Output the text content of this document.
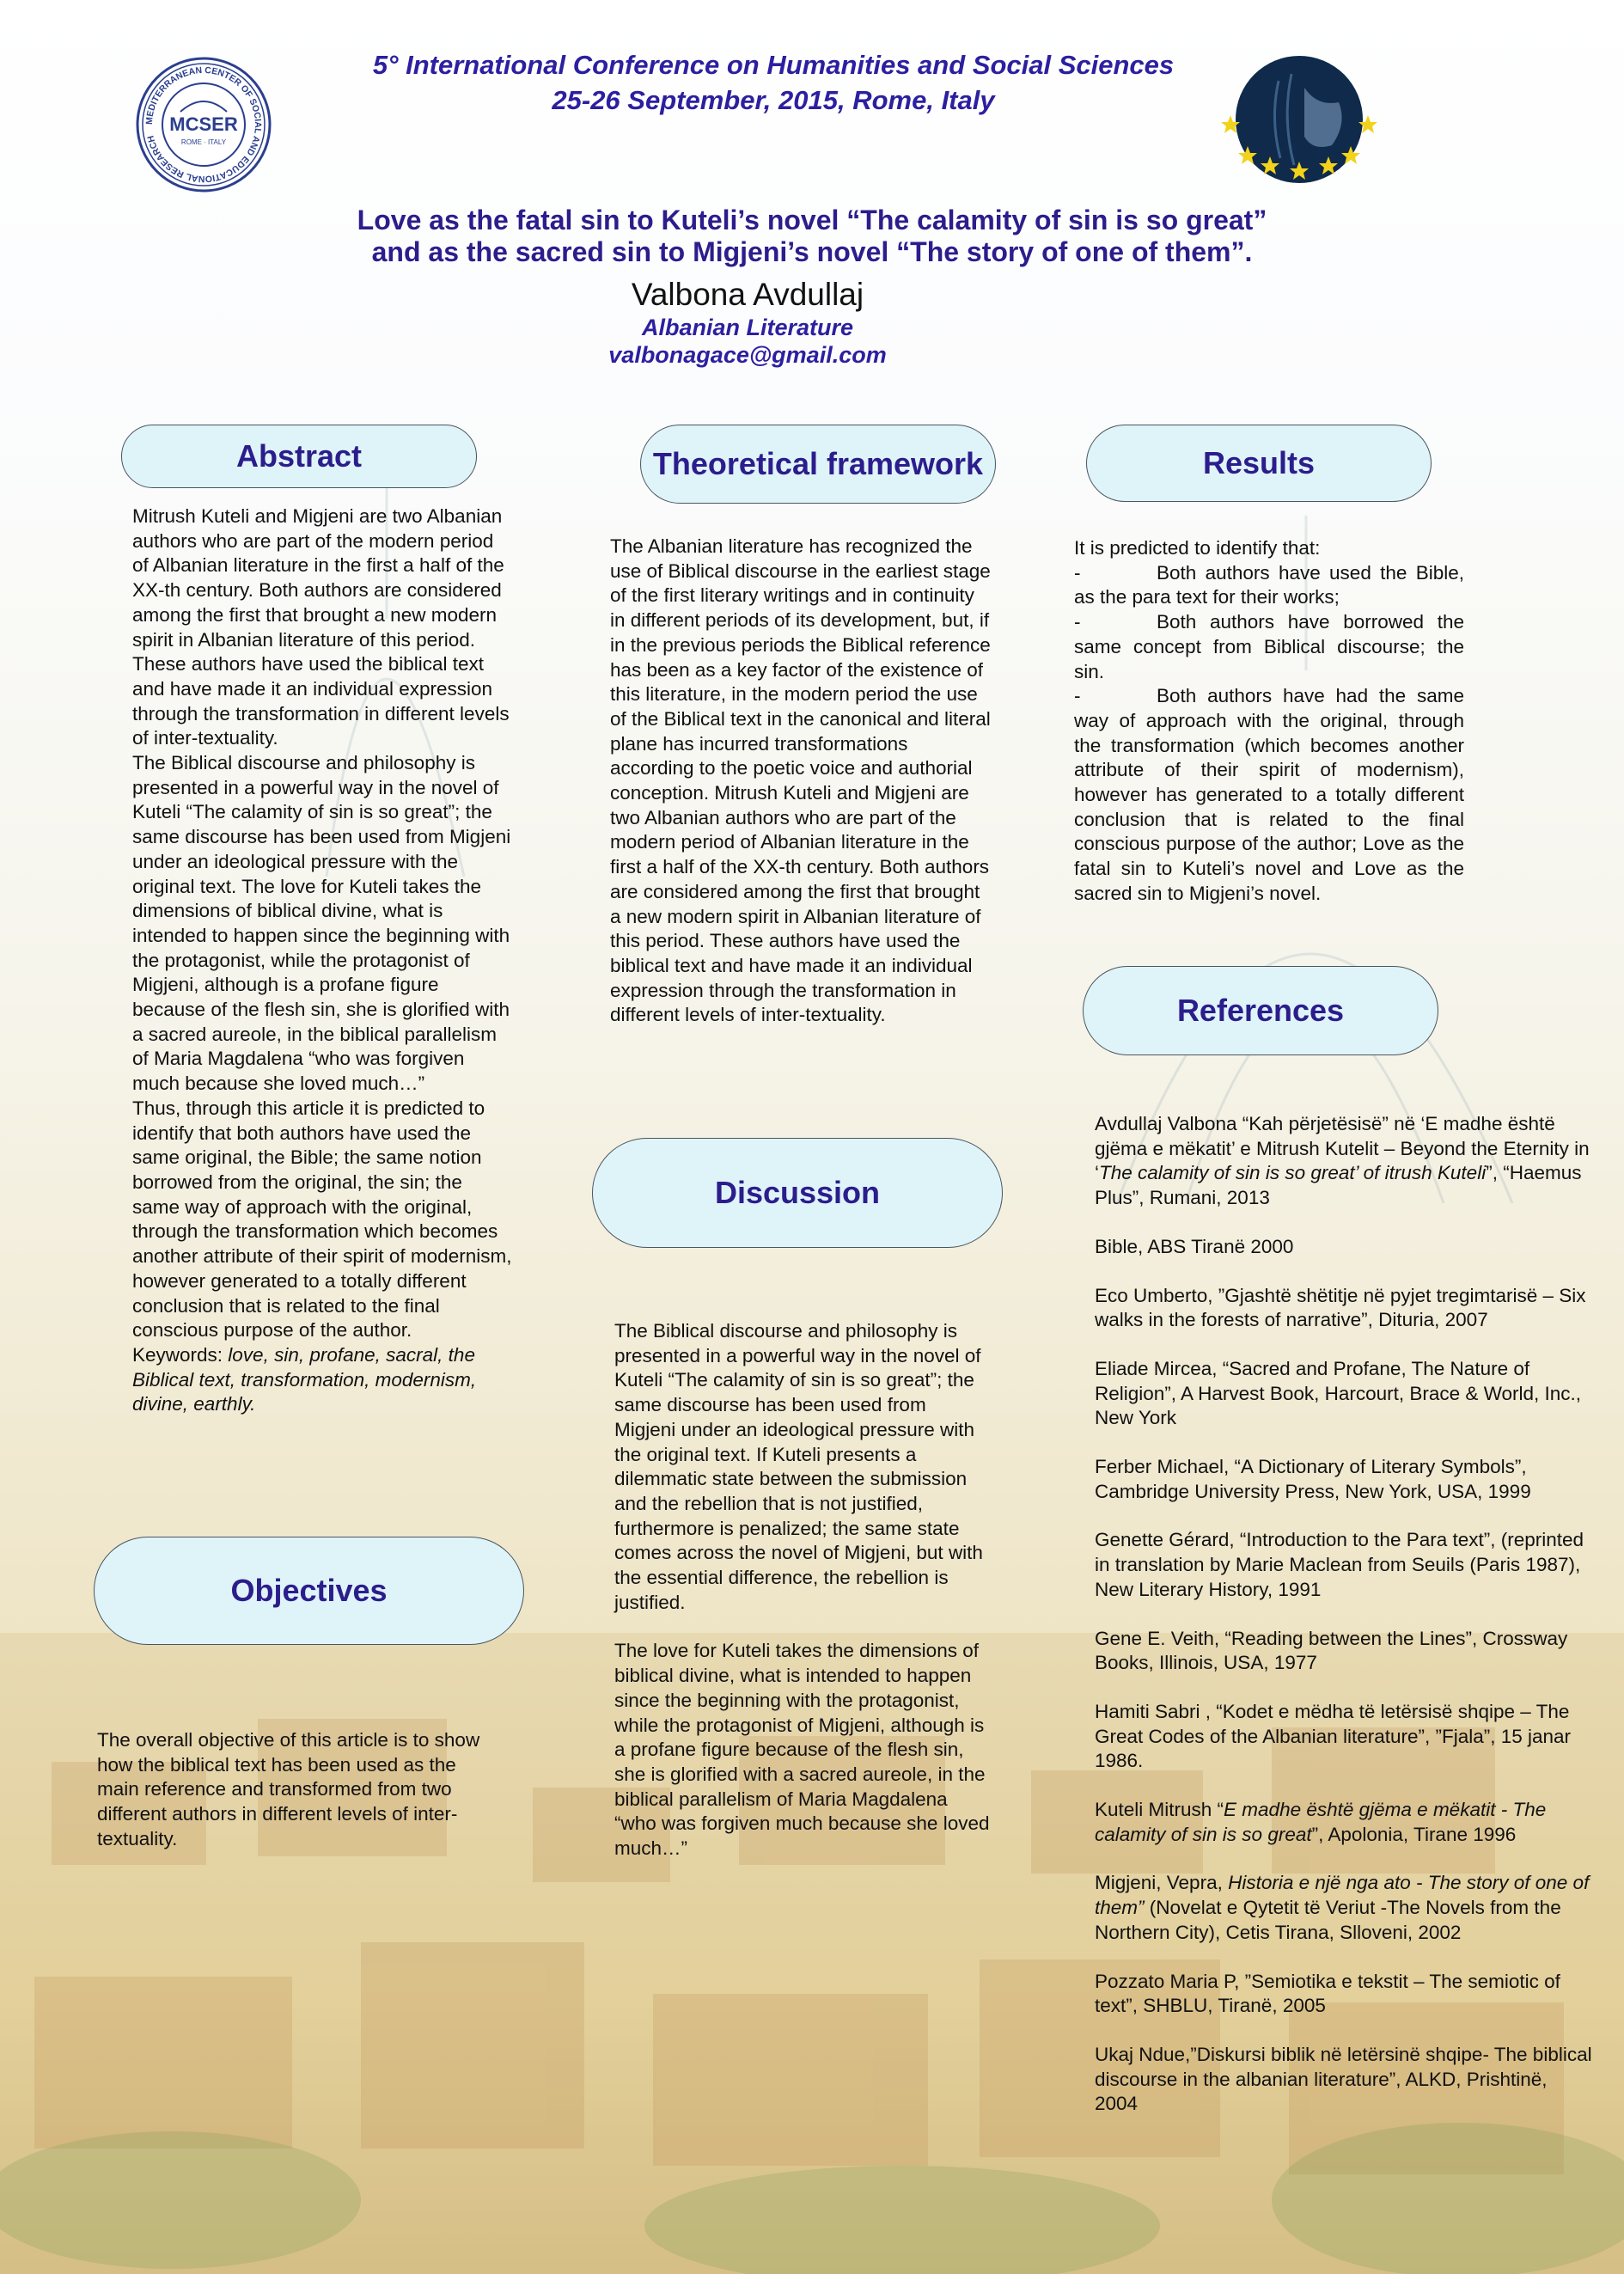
MEDITERRANEAN CENTER OF SOCIAL AND EDUCATIONAL RESEARCH
MCSER
ROME · ITALY
5° International Conference on Humanities and Social Sciences
25-26 September, 2015, Rome, Italy
Love as the fatal sin to Kuteli’s novel “The calamity of sin is so great”
and as the sacred sin to Migjeni’s novel “The story of one of them”.
Valbona Avdullaj
Albanian Literature
valbonagace@gmail.com
Abstract	Theoretical framework	Results
References
Discussion
Objectives

Mitrush Kuteli and Migjeni are two Albanian

authors who are part of the modern period

of Albanian literature in the first a half of the

XX-th century. Both authors are considered

among the first that brought a new modern

spirit in Albanian literature of this period.

These authors have used the biblical text

and have made it an individual expression

through the transformation in different levels

of inter-textuality.

The Biblical discourse and philosophy is

presented in a powerful way in the novel of

Kuteli “The calamity of sin is so great”; the

same discourse has been used from Migjeni

under an ideological pressure with the

original text. The love for Kuteli takes the

dimensions of biblical divine, what is

intended to happen since the beginning with

the protagonist, while the protagonist of

Migjeni, although is a profane figure

because of the flesh sin, she is glorified with

a sacred aureole, in the biblical parallelism

of Maria Magdalena “who was forgiven

much because she loved much…”

Thus, through this article it is predicted to

identify that both authors have used the

same original, the Bible; the same notion

borrowed from the original, the sin; the

same way of approach with the original,

through the transformation which becomes

another attribute of their spirit of modernism,

however generated to a totally different

conclusion that is related to the final

conscious purpose of the author.

Keywords: love, sin, profane, sacral, the

Biblical text, transformation, modernism,

divine, earthly.

The overall objective of this article is to show

how the biblical text has been used as the

main reference and transformed from two

different authors in different levels of inter-

textuality.

The Albanian literature has recognized the

use of Biblical discourse in the earliest stage

of the first literary writings and in continuity

in different periods of its development, but, if

in the previous periods the Biblical reference

has been as a key factor of the existence of

this literature, in the modern period the use

of the Biblical text in the canonical and literal

plane has incurred transformations

according to the poetic voice and authorial

conception. Mitrush Kuteli and Migjeni are

two Albanian authors who are part of the

modern period of Albanian literature in the

first a half of the XX-th century. Both authors

are considered among the first that brought

a new modern spirit in Albanian literature of

this period. These authors have used the

biblical text and have made it an individual

expression through the transformation in

different levels of inter-textuality.

The Biblical discourse and philosophy is

presented in a powerful way in the novel of

Kuteli “The calamity of sin is so great”; the

same discourse has been used from

Migjeni under an ideological pressure with

the original text. If Kuteli presents a

dilemmatic state between the submission

and the rebellion that is not justified,

furthermore is penalized; the same state

comes across the novel of Migjeni, but with

the essential difference, the rebellion is

justified.

The love for Kuteli takes the dimensions of

biblical divine, what is intended to happen

since the beginning with the protagonist,

while the protagonist of Migjeni, although is

a profane figure because of the flesh sin,

she is glorified with a sacred aureole, in the

biblical parallelism of Maria Magdalena

“who was forgiven much because she loved

much…”

It is predicted to identify that:

-	Both authors have used the Bible, as the para text for their works;

-	Both authors have borrowed the same concept from Biblical discourse; the sin.

-	Both authors have had the same way of approach with the original, through the transformation (which becomes another attribute of their spirit of modernism), however has generated to a totally different conclusion that is related to the final conscious purpose of the author; Love as the fatal sin to Kuteli’s novel and Love as the sacred sin to Migjeni’s novel.

Avdullaj Valbona “Kah përjetësisë” në ‘E madhe është gjëma e mëkatit’ e Mitrush Kutelit – Beyond the Eternity in ‘The calamity of sin is so great’ of itrush Kuteli”, “Haemus Plus”, Rumani, 2013

Bible, ABS Tiranë 2000

Eco Umberto, ”Gjashtë shëtitje në pyjet tregimtarisë – Six walks in the forests of narrative”, Dituria, 2007

Eliade Mircea, “Sacred and Profane, The Nature of Religion”, A Harvest Book, Harcourt, Brace & World, Inc., New York

Ferber Michael, “A Dictionary of Literary Symbols”, Cambridge University Press, New York, USA, 1999

Genette Gérard, “Introduction to the Para text”, (reprinted in translation by Marie Maclean from Seuils (Paris 1987), New Literary History, 1991

Gene E. Veith, “Reading between the Lines”, Crossway Books, Illinois, USA, 1977

Hamiti Sabri , “Kodet e mëdha të letërsisë shqipe – The Great Codes of the Albanian literature”, ”Fjala”, 15 janar 1986.

Kuteli Mitrush “E madhe është gjëma e mëkatit - The calamity of sin is so great”, Apolonia, Tirane 1996

Migjeni, Vepra, Historia e një nga ato - The story of one of them” (Novelat e Qytetit të Veriut -The Novels from the Northern City), Cetis Tirana, Slloveni, 2002

Pozzato Maria P, ”Semiotika e tekstit – The semiotic of text”, SHBLU, Tiranë, 2005

Ukaj Ndue,”Diskursi biblik në letërsinë shqipe- The biblical discourse in the albanian literature”, ALKD, Prishtinë, 2004
